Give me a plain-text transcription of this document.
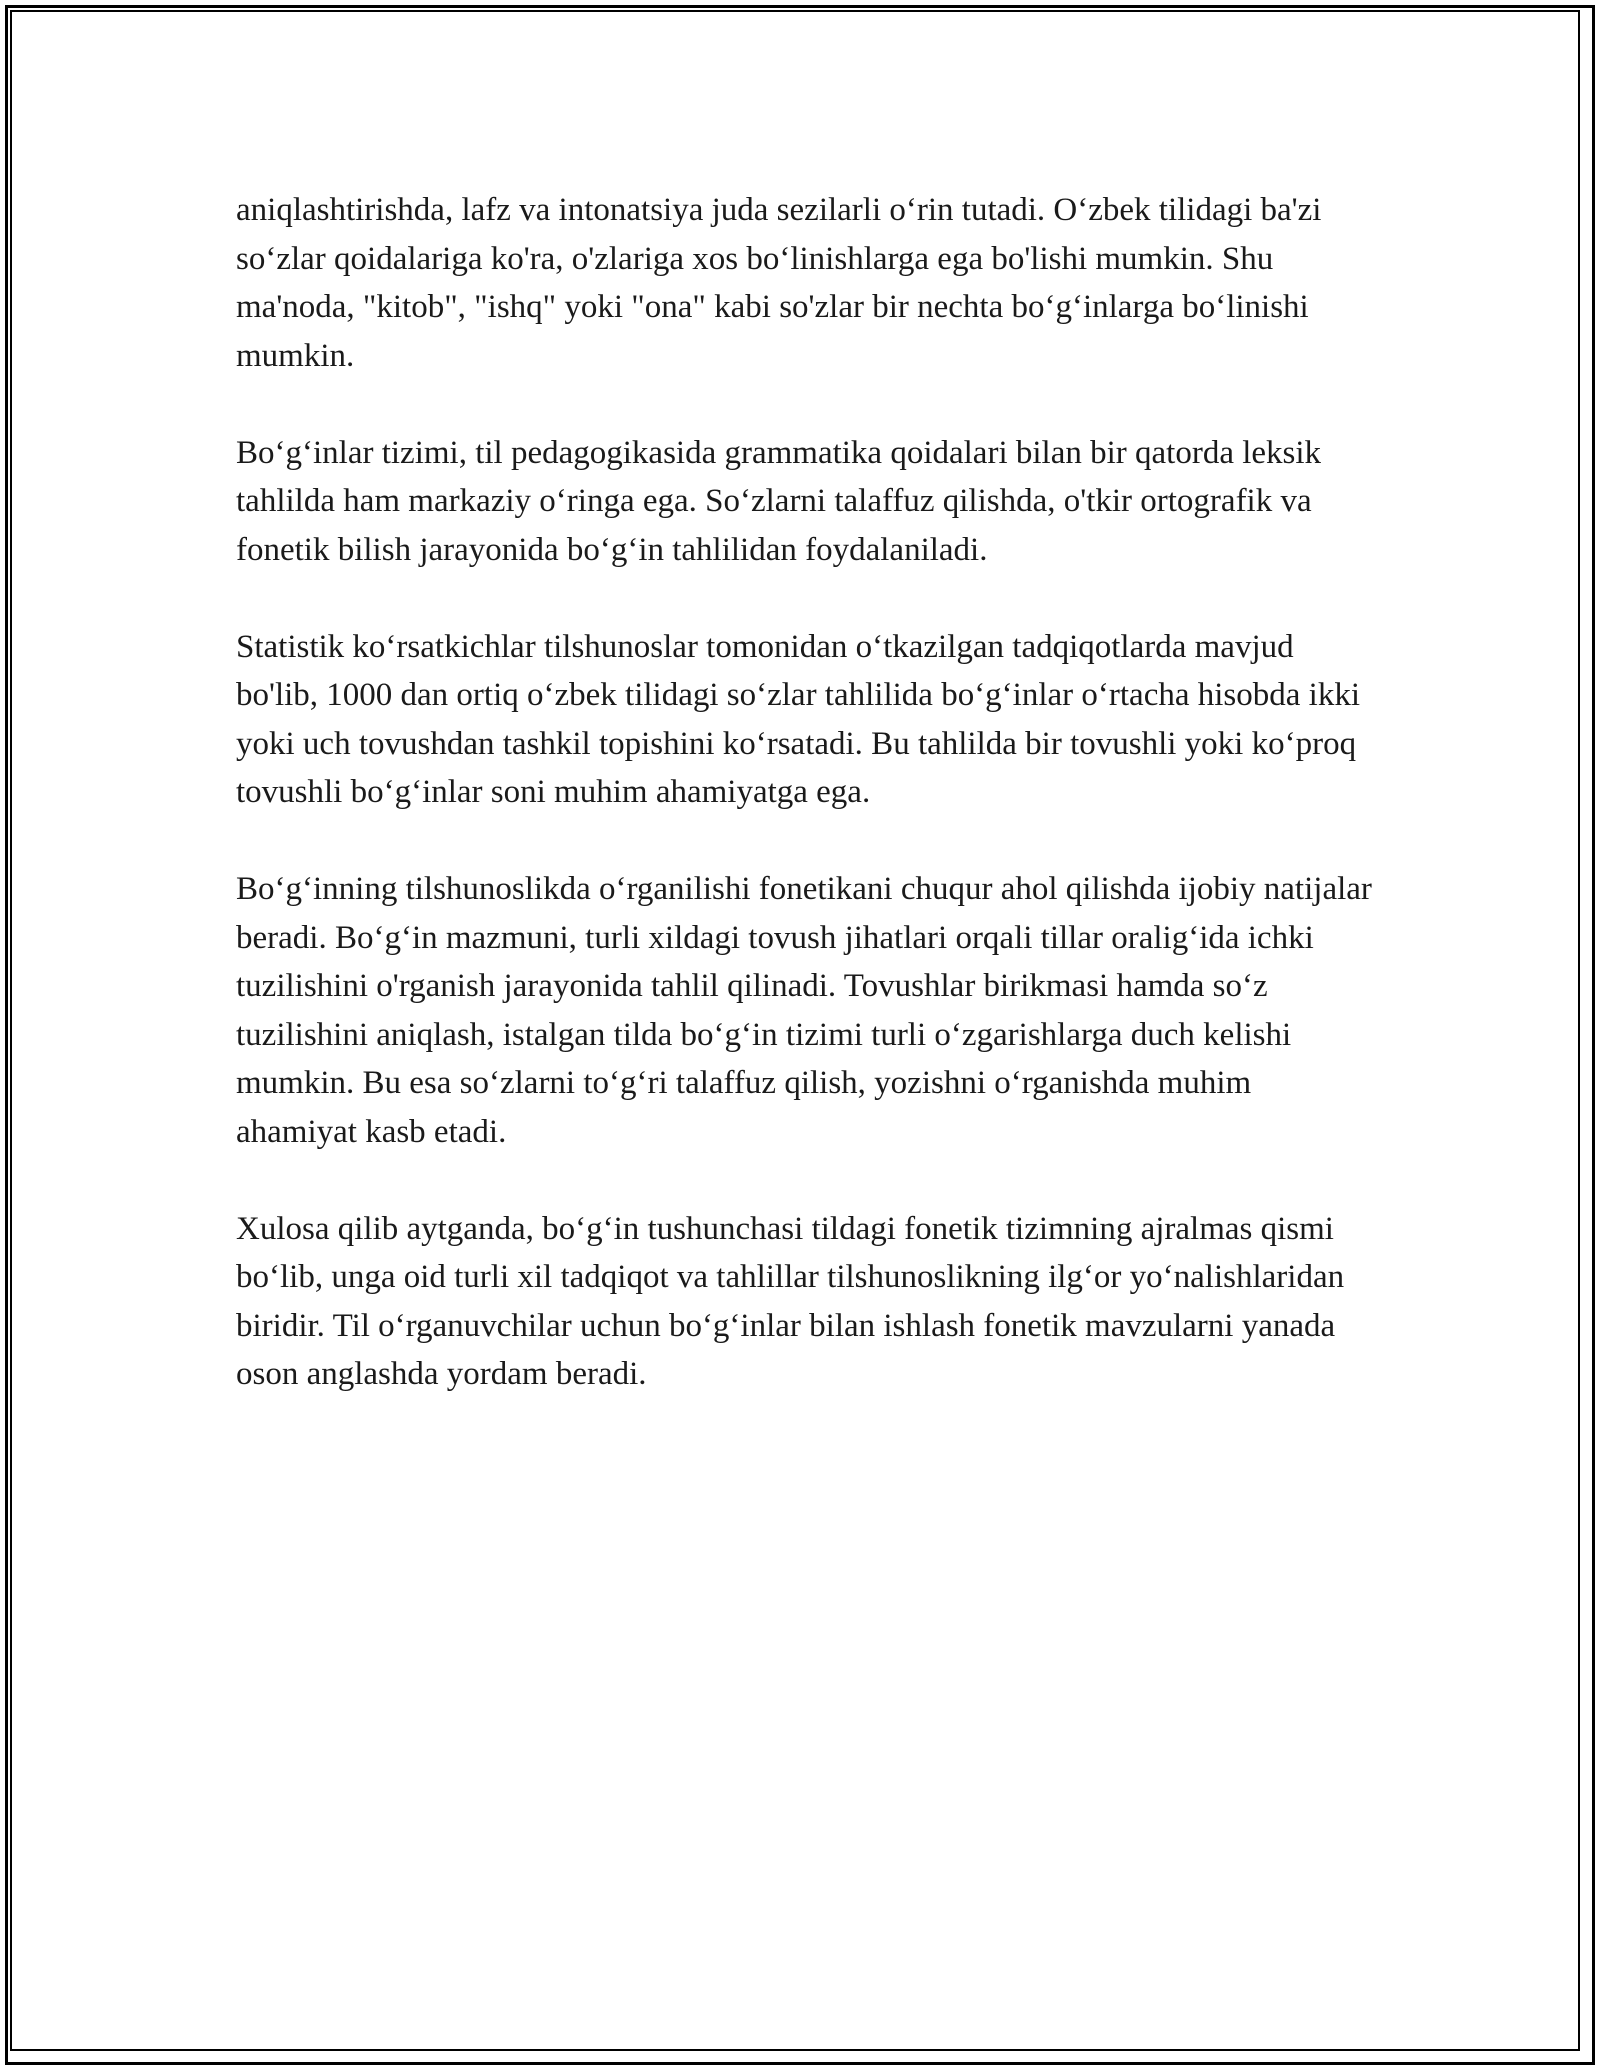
aniqlashtirishda, lafz va intonatsiya juda sezilarli o‘rin tutadi. O‘zbek tilidagi ba'zi so‘zlar qoidalariga ko'ra, o'zlariga xos bo‘linishlarga ega bo'lishi mumkin. Shu ma'noda, "kitob", "ishq" yoki "ona" kabi so'zlar bir nechta bo‘g‘inlarga bo‘linishi mumkin.

Bo‘g‘inlar tizimi, til pedagogikasida grammatika qoidalari bilan bir qatorda leksik tahlilda ham markaziy o‘ringa ega. So‘zlarni talaffuz qilishda, o'tkir ortografik va fonetik bilish jarayonida bo‘g‘in tahlilidan foydalaniladi.

Statistik ko‘rsatkichlar tilshunoslar tomonidan o‘tkazilgan tadqiqotlarda mavjud bo'lib, 1000 dan ortiq o‘zbek tilidagi so‘zlar tahlilida bo‘g‘inlar o‘rtacha hisobda ikki yoki uch tovushdan tashkil topishini ko‘rsatadi. Bu tahlilda bir tovushli yoki ko‘proq tovushli bo‘g‘inlar soni muhim ahamiyatga ega.

Bo‘g‘inning tilshunoslikda o‘rganilishi fonetikani chuqur ahol qilishda ijobiy natijalar beradi. Bo‘g‘in mazmuni, turli xildagi tovush jihatlari orqali tillar oralig‘ida ichki tuzilishini o'rganish jarayonida tahlil qilinadi. Tovushlar birikmasi hamda so‘z tuzilishini aniqlash, istalgan tilda bo‘g‘in tizimi turli o‘zgarishlarga duch kelishi mumkin. Bu esa so‘zlarni to‘g‘ri talaffuz qilish, yozishni o‘rganishda muhim ahamiyat kasb etadi.

Xulosa qilib aytganda, bo‘g‘in tushunchasi tildagi fonetik tizimning ajralmas qismi bo‘lib, unga oid turli xil tadqiqot va tahlillar tilshunoslikning ilg‘or yo‘nalishlaridan biridir. Til o‘rganuvchilar uchun bo‘g‘inlar bilan ishlash fonetik mavzularni yanada oson anglashda yordam beradi.
